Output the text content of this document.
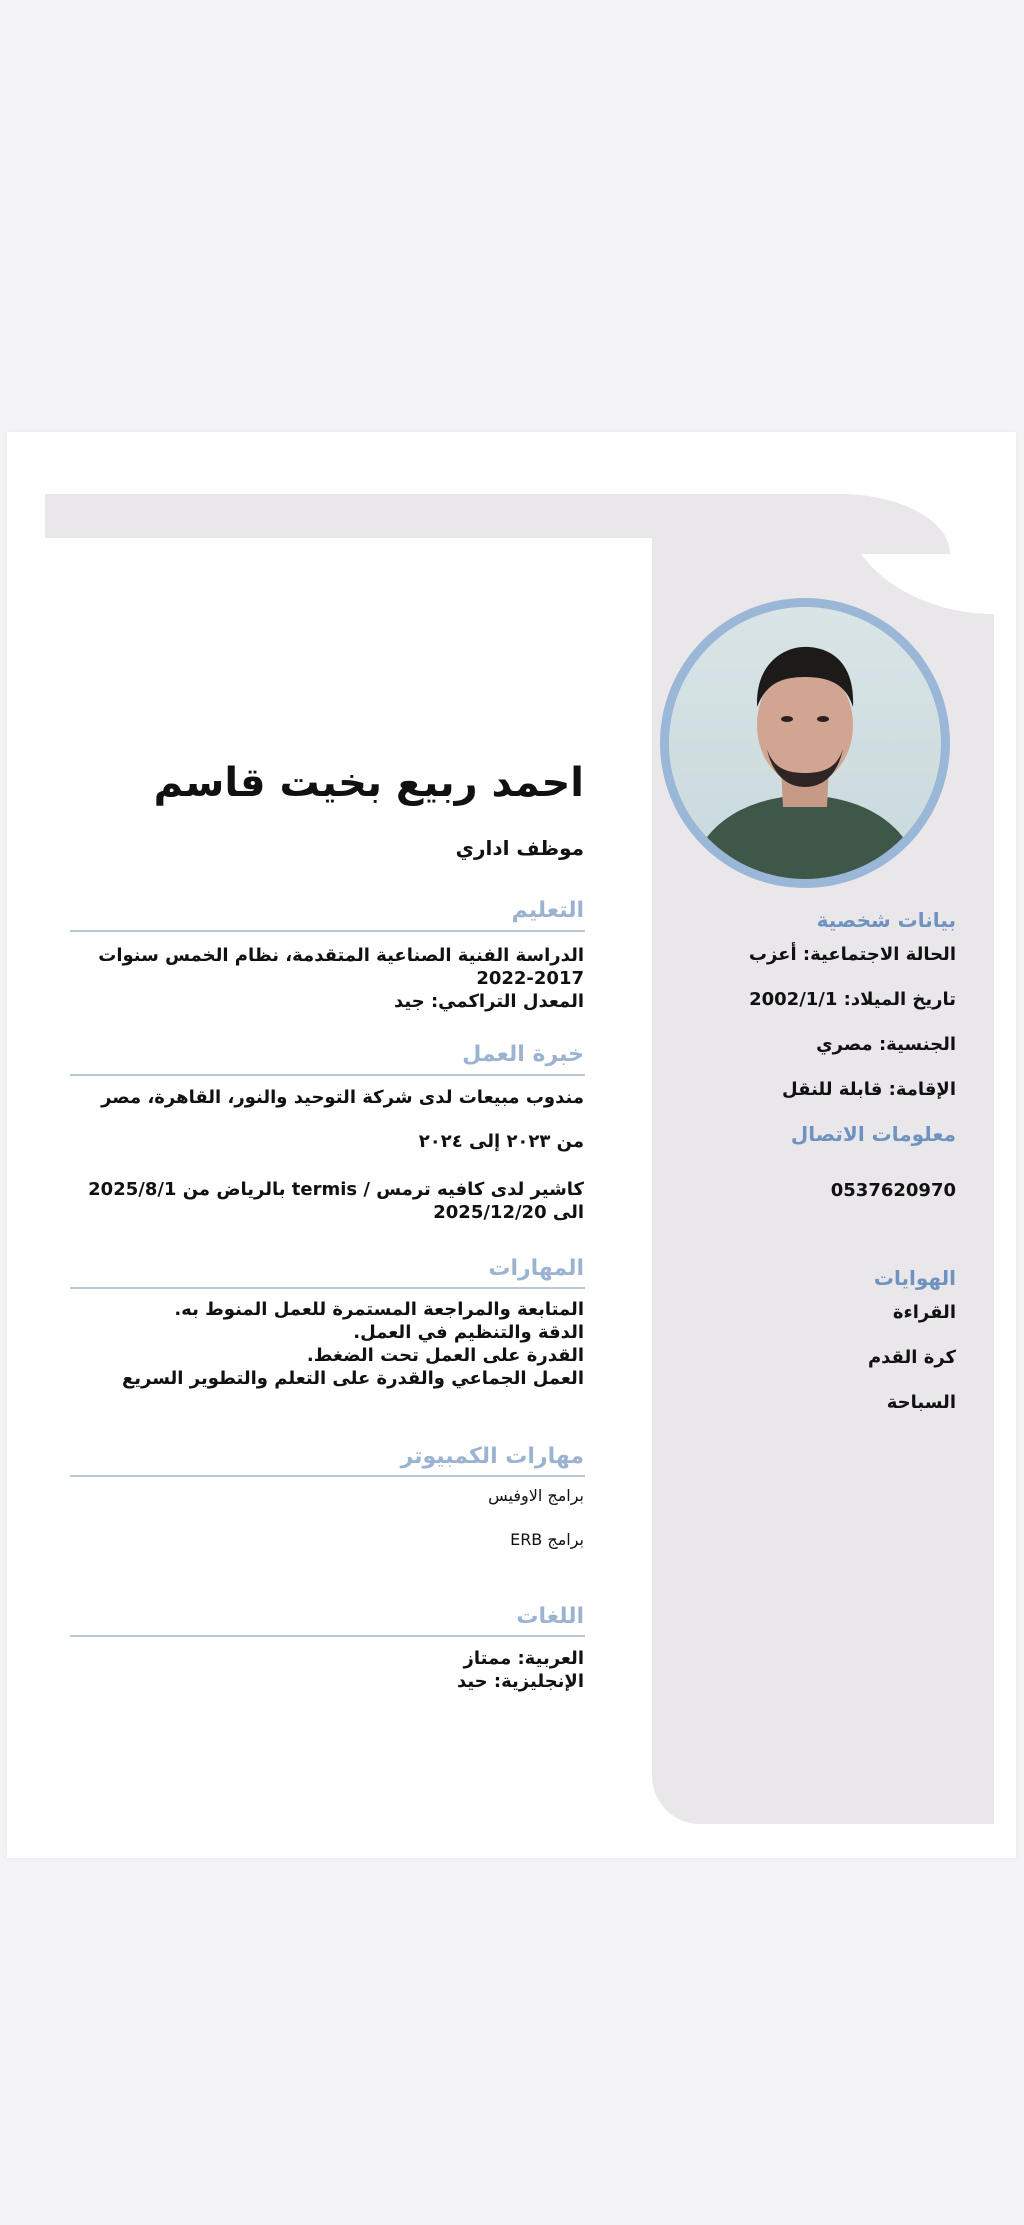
احمد ربيع بخيت قاسم
موظف اداري
التعليم
الدراسة الفنية الصناعية المتقدمة، نظام الخمس سنوات
2022-2017
المعدل التراكمي: جيد
خبرة العمل
مندوب مبيعات لدى شركة التوحيد والنور، القاهرة، مصر
من ٢٠٢٣ إلى ٢٠٢٤
كاشير لدى كافيه ترمس / termis بالرياض من 2025/8/1
الى 2025/12/20
المهارات
المتابعة والمراجعة المستمرة للعمل المنوط به.
الدقة والتنظيم في العمل.
القدرة على العمل تحت الضغط.
العمل الجماعي والقدرة على التعلم والتطوير السريع
مهارات الكمبيوتر
برامج الاوفيس
برامج ERB
اللغات
العربية: ممتاز
الإنجليزية: حيد
بيانات شخصية
الحالة الاجتماعية: أعزب
تاريخ الميلاد: 2002/1/1
الجنسية: مصري
الإقامة: قابلة للنقل
معلومات الاتصال
0537620970
الهوايات
القراءة
كرة القدم
السباحة
